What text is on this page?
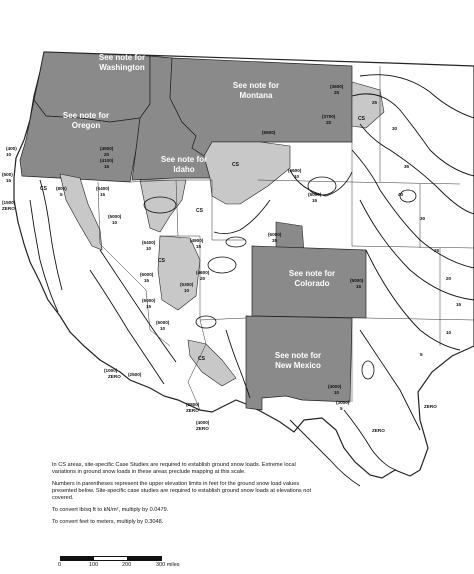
See note for
Washington
See note for
Oregon
See note for
Idaho
See note for
Montana
See note for
Colorado
See note for
New Mexico
CS
CS
CS
CS
CS
CS
(400)
10
(500)
15
(800)
5
(1500)
ZERO
(4500)
20
(4100)
15
(6400)
15
(5000)
10
(6400)
10
(4900)
15
(6000)
15
(5300)
10
(6000)
15
(4600)
20
(5000)
10
(2500)
(1000)
ZERO
(3800)
ZERO
(4000)
ZERO
(6000)
35
(6600)
10
(5000)
15
(6500)
(3700)
20
(3600)
25
25
30
35
40
30
25
20
15
10
5
ZERO
(5000)
15
(4000)
10
(3000)
5
ZERO

In CS areas, site-specific Case Studies are required to establish ground snow loads. Extreme local variations in ground snow loads in these areas preclude mapping at this scale.

Numbers in parentheses represent the upper elevation limits in feet for the ground snow load values presented below. Site-specific case studies are required to establish ground snow loads at elevations not covered.

To convert lb/sq ft to kN/m², multiply by 0.0479.

To convert feet to meters, multiply by 0.3048.

0	100	200	300 miles
